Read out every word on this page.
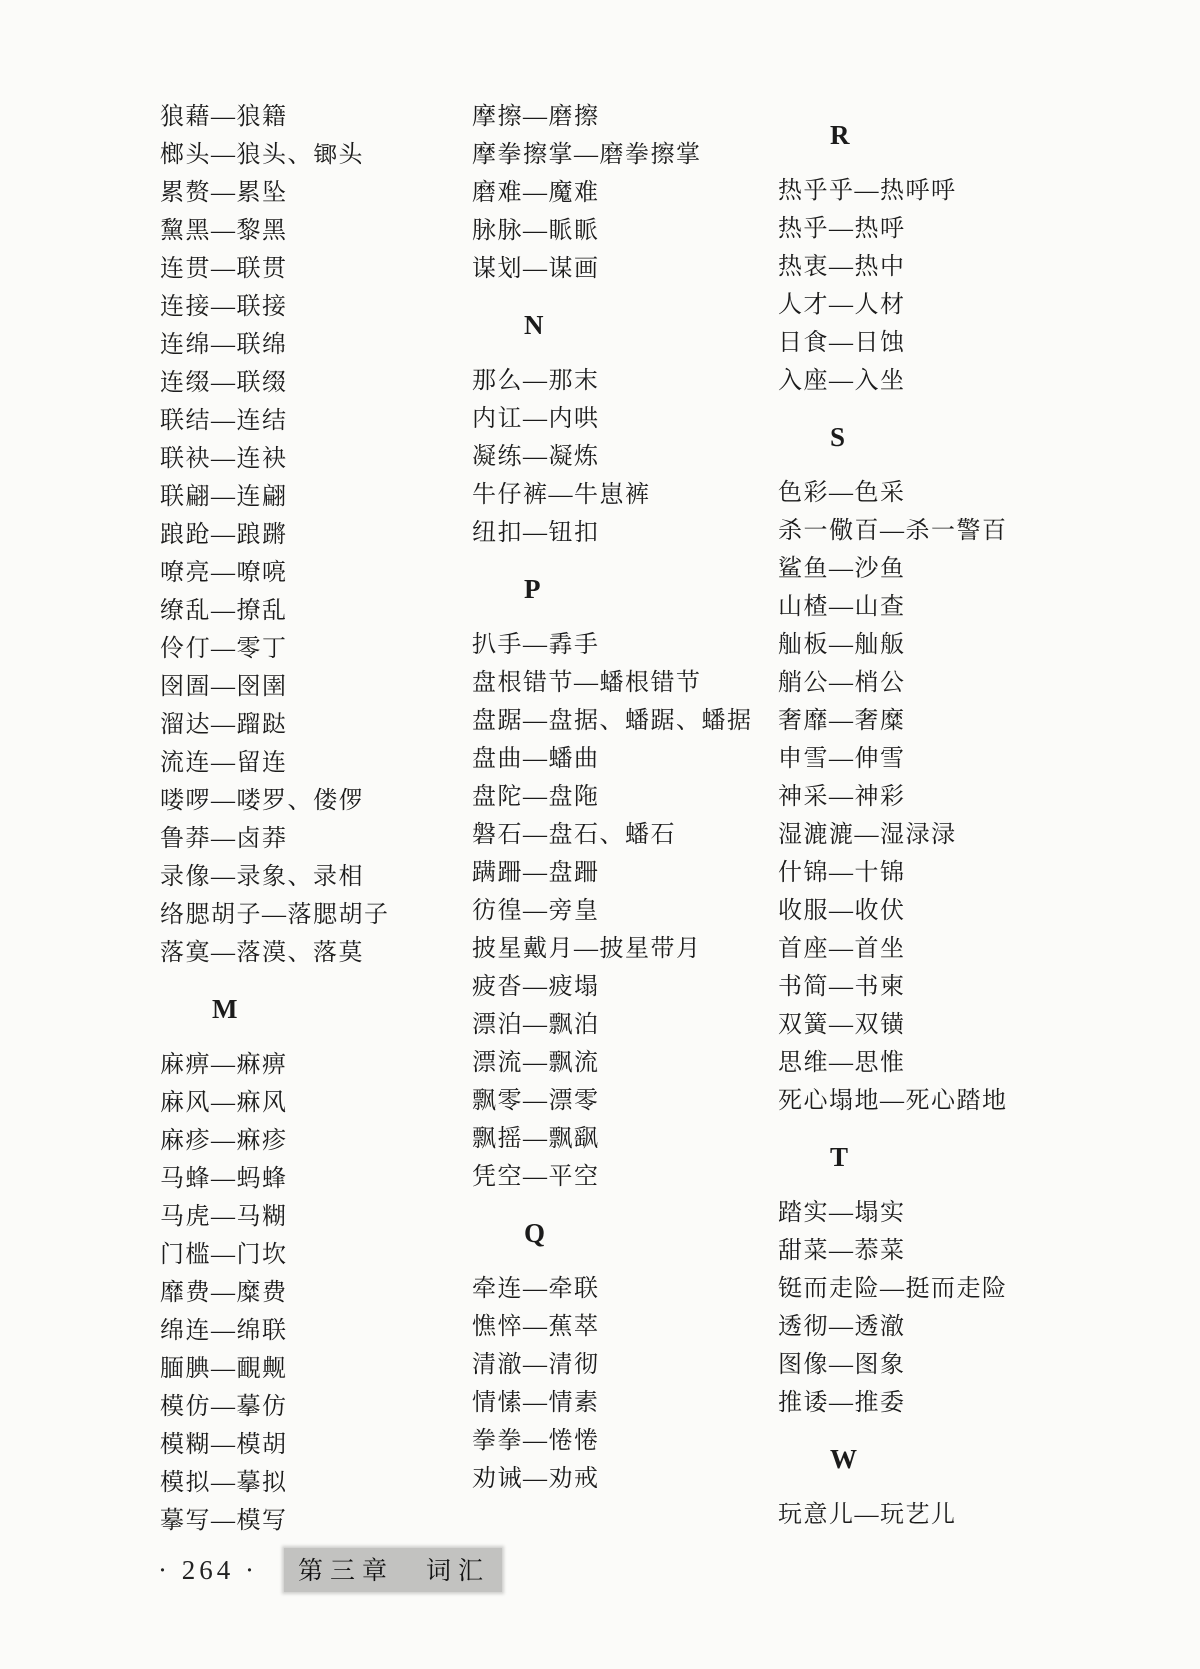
狼藉—狼籍
榔头—狼头、𨱍头
累赘—累坠
黧黑—黎黑
连贯—联贯
连接—联接
连绵—联绵
连缀—联缀
联结—连结
联袂—连袂
联翩—连翩
踉跄—踉蹡
嘹亮—嘹喨
缭乱—撩乱
伶仃—零丁
囹圄—囹圉
溜达—蹓跶
流连—留连
喽啰—喽罗、偻㑩
鲁莽—卤莽
录像—录象、录相
络腮胡子—落腮胡子
落寞—落漠、落莫
M
麻痹—痳痹
麻风—痳风
麻疹—痳疹
马蜂—蚂蜂
马虎—马糊
门槛—门坎
靡费—糜费
绵连—绵联
腼腆—靦觍
模仿—摹仿
模糊—模胡
模拟—摹拟
摹写—模写
摩擦—磨擦
摩拳擦掌—磨拳擦掌
磨难—魔难
脉脉—眽眽
谋划—谋画
N
那么—那末
内讧—内哄
凝练—凝炼
牛仔裤—牛崽裤
纽扣—钮扣
P
扒手—掱手
盘根错节—蟠根错节
盘踞—盘据、蟠踞、蟠据
盘曲—蟠曲
盘陀—盘陁
磐石—盘石、蟠石
蹒跚—盘跚
彷徨—旁皇
披星戴月—披星带月
疲沓—疲塌
漂泊—飘泊
漂流—飘流
飘零—漂零
飘摇—飘飖
凭空—平空
Q
牵连—牵联
憔悴—蕉萃
清澈—清彻
情愫—情素
拳拳—惓惓
劝诫—劝戒
R
热乎乎—热呼呼
热乎—热呼
热衷—热中
人才—人材
日食—日蚀
入座—入坐
S
色彩—色采
杀一儆百—杀一警百
鲨鱼—沙鱼
山楂—山查
舢板—舢舨
艄公—梢公
奢靡—奢糜
申雪—伸雪
神采—神彩
湿漉漉—湿渌渌
什锦—十锦
收服—收伏
首座—首坐
书简—书柬
双簧—双𨱑
思维—思惟
死心塌地—死心踏地
T
踏实—塌实
甜菜—菾菜
铤而走险—挺而走险
透彻—透澈
图像—图象
推诿—推委
W
玩意儿—玩艺儿
· 264 ·	第三章　词汇
